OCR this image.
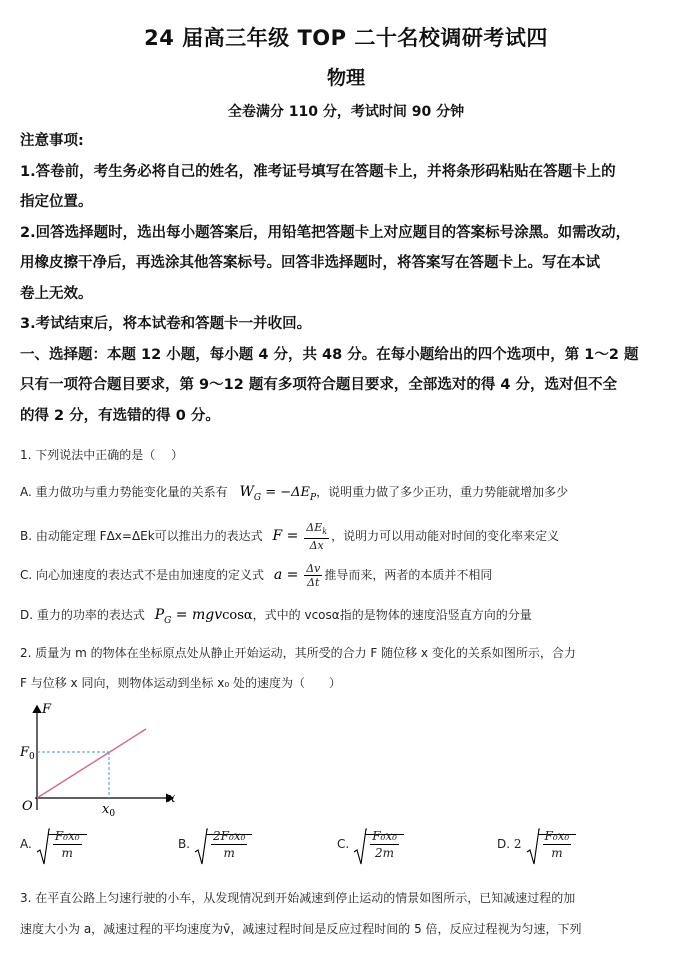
24 届高三年级 TOP 二十名校调研考试四
物理
全卷满分 110 分，考试时间 90 分钟
注意事项:
1.答卷前，考生务必将自己的姓名，准考证号填写在答题卡上，并将条形码粘贴在答题卡上的
指定位置。
2.回答选择题时，选出每小题答案后，用铅笔把答题卡上对应题目的答案标号涂黑。如需改动，
用橡皮擦干净后，再选涂其他答案标号。回答非选择题时，将答案写在答题卡上。写在本试
卷上无效。
3.考试结束后，将本试卷和答题卡一并收回。
一、选择题：本题 12 小题，每小题 4 分，共 48 分。在每小题给出的四个选项中，第 1～2 题
只有一项符合题目要求，第 9～12 题有多项符合题目要求，全部选对的得 4 分，选对但不全
的得 2 分，有选错的得 0 分。
1. 下列说法中正确的是（　 ）
A. 重力做功与重力势能变化量的关系有 $W_G = -\Delta E_P$，说明重力做了多少正功，重力势能就增加多少
B. 由动能定理 FΔx=ΔEk可以推出力的表达式 $F = \frac{\Delta E_k}{\Delta x}$ ，说明力可以用动能对时间的变化率来定义
C. 向心加速度的表达式不是由加速度的定义式 $a = \frac{\Delta v}{\Delta t}$ 推导而来，两者的本质并不相同
D. 重力的功率的表达式 $P_G = mgvcos\alpha$，式中的 vcosα指的是物体的速度沿竖直方向的分量
2. 质量为 m 的物体在坐标原点处从静止开始运动，其所受的合力 F 随位移 x 变化的关系如图所示，合力
F 与位移 x 同向，则物体运动到坐标 x₀ 处的速度为（　　）
F
x
O
$F_0$
$x_0$
A. $\frac{\text{F₀x₀}}{m}$	B. $\frac{\text{2F₀x₀}}{m}$	C. $\frac{\text{F₀x₀}}{2m}$	D. $2 \frac{\text{F₀x₀}}{m}$
3. 在平直公路上匀速行驶的小车，从发现情况到开始减速到停止运动的情景如图所示，已知减速过程的加
速度大小为 a，减速过程的平均速度为v̄，减速过程时间是反应过程时间的 5 倍，反应过程视为匀速，下列
